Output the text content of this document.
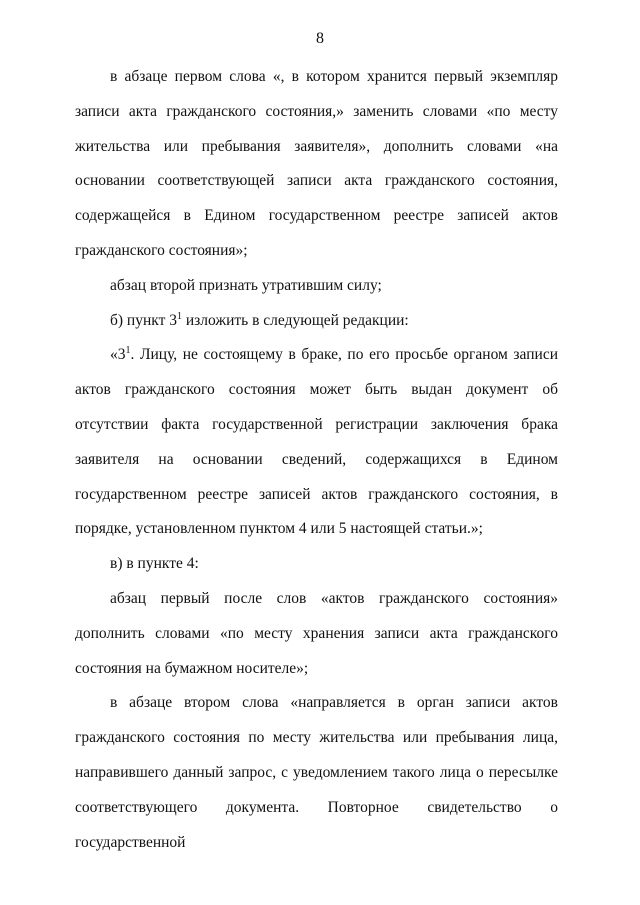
8

в абзаце первом слова «, в котором хранится первый экземпляр записи акта гражданского состояния,» заменить словами «по месту жительства или пребывания заявителя», дополнить словами «на основании соответствующей записи акта гражданского состояния, содержащейся в Едином государственном реестре записей актов гражданского состояния»;

абзац второй признать утратившим силу;

б) пункт $3^1$ изложить в следующей редакции:

«$3^1$. Лицу, не состоящему в браке, по его просьбе органом записи актов гражданского состояния может быть выдан документ об отсутствии факта государственной регистрации заключения брака заявителя на основании сведений, содержащихся в Едином государственном реестре записей актов гражданского состояния, в порядке, установленном пунктом 4 или 5 настоящей статьи.»;

в) в пункте 4:

абзац первый после слов «актов гражданского состояния» дополнить словами «по месту хранения записи акта гражданского состояния на бумажном носителе»;

в абзаце втором слова «направляется в орган записи актов гражданского состояния по месту жительства или пребывания лица, направившего данный запрос, с уведомлением такого лица о пересылке соответствующего документа. Повторное свидетельство о государственной
